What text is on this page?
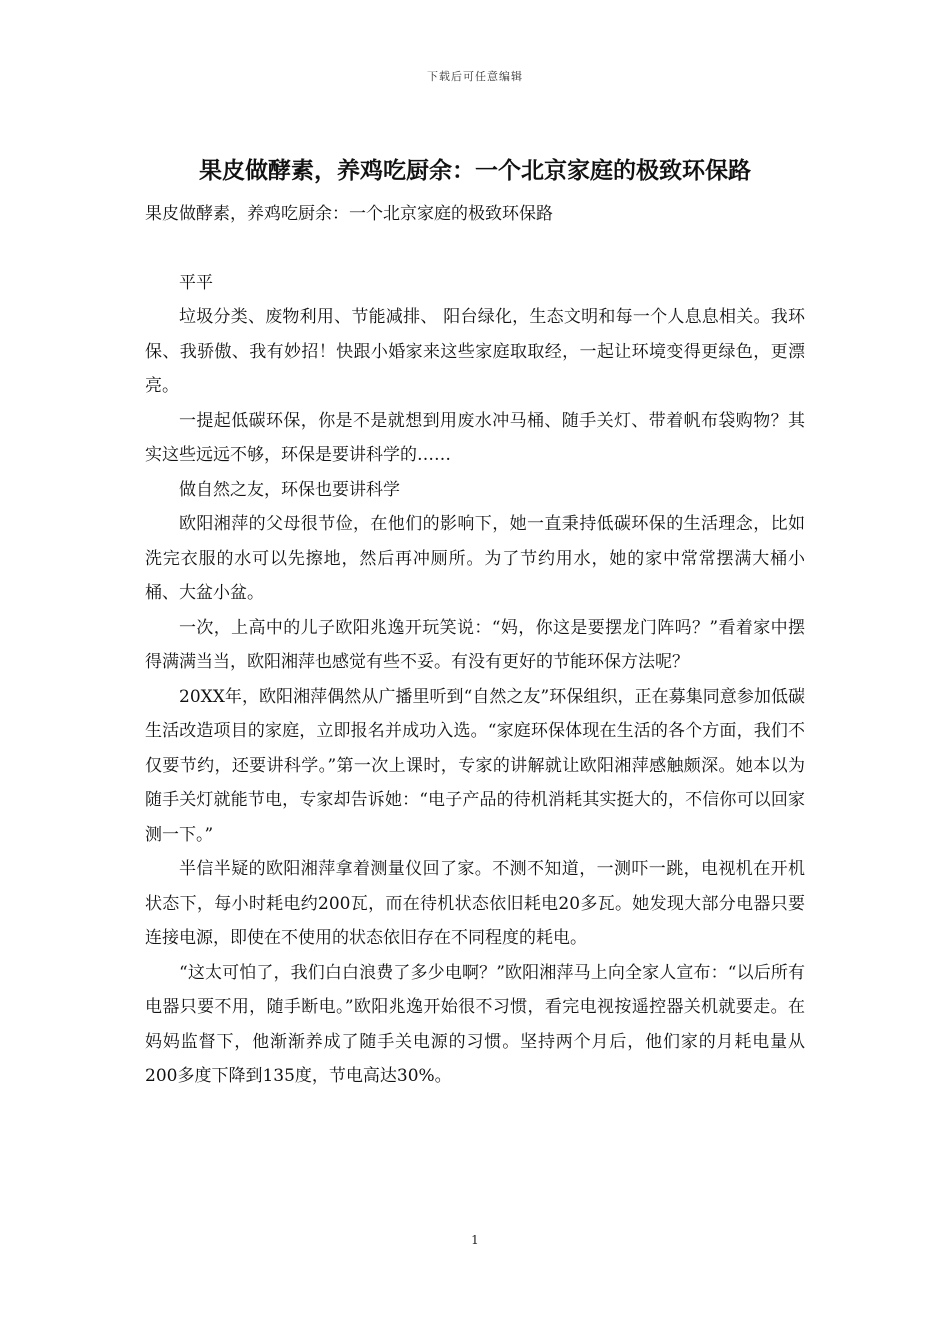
下载后可任意编辑
果皮做酵素，养鸡吃厨余：一个北京家庭的极致环保路

果皮做酵素，养鸡吃厨余：一个北京家庭的极致环保路

平平

垃圾分类、废物利用、节能减排、 阳台绿化，生态文明和每一个人息息相关。我环保、我骄傲、我有妙招！快跟小婚家来这些家庭取取经，一起让环境变得更绿色，更漂亮。

一提起低碳环保，你是不是就想到用废水冲马桶、随手关灯、带着帆布袋购物？其实这些远远不够，环保是要讲科学的……

做自然之友，环保也要讲科学

欧阳湘萍的父母很节俭，在他们的影响下，她一直秉持低碳环保的生活理念，比如洗完衣服的水可以先擦地，然后再冲厕所。为了节约用水，她的家中常常摆满大桶小桶、大盆小盆。

一次，上高中的儿子欧阳兆逸开玩笑说：“妈，你这是要摆龙门阵吗？”看着家中摆得满满当当，欧阳湘萍也感觉有些不妥。有没有更好的节能环保方法呢？

20XX年，欧阳湘萍偶然从广播里听到“自然之友”环保组织，正在募集同意参加低碳生活改造项目的家庭，立即报名并成功入选。“家庭环保体现在生活的各个方面，我们不仅要节约，还要讲科学。”第一次上课时，专家的讲解就让欧阳湘萍感触颇深。她本以为随手关灯就能节电，专家却告诉她：“电子产品的待机消耗其实挺大的，不信你可以回家测一下。”

半信半疑的欧阳湘萍拿着测量仪回了家。不测不知道，一测吓一跳，电视机在开机状态下，每小时耗电约200瓦，而在待机状态依旧耗电20多瓦。她发现大部分电器只要连接电源，即使在不使用的状态依旧存在不同程度的耗电。

“这太可怕了，我们白白浪费了多少电啊？”欧阳湘萍马上向全家人宣布：“以后所有电器只要不用，随手断电。”欧阳兆逸开始很不习惯，看完电视按遥控器关机就要走。在妈妈监督下，他渐渐养成了随手关电源的习惯。坚持两个月后，他们家的月耗电量从200多度下降到135度，节电高达30%。

1
